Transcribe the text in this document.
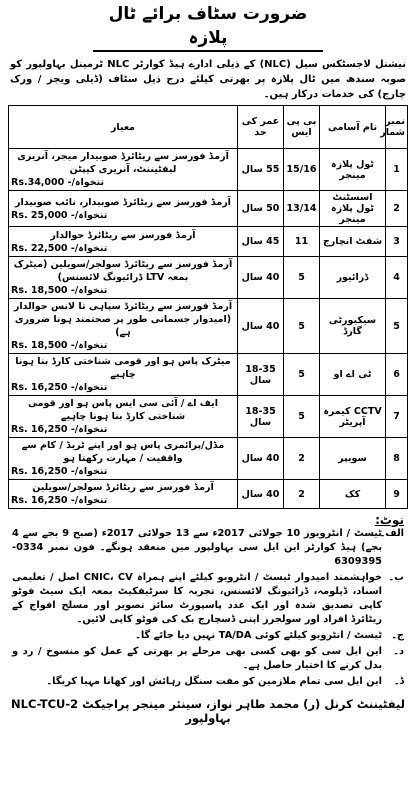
ضرورت سٹاف برائے ٹال پلازہ
نیشنل لاجسٹکس سیل (NLC) کے ذیلی ادارے ہیڈ کوارٹر NLC ٹرمینل بہاولپور کو صوبہ سندھ میں ٹال پلازہ پر بھرتی کیلئے درج ذیل سٹاف (ڈیلی ویجز / ورک چارج) کی خدمات درکار ہیں۔
نمبر شمار	نام آسامی	بی پی ایس	عمر کی حد	معیار
1	ٹول پلازہ مینجر	15/16	55 سال	آرمڈ فورسز سے ریٹائرڈ صوبیدار میجر، آنریری لیفٹیننٹ، آنریری کیپٹن
تنخواہ/- Rs.34,000

2	اسسٹنٹ ٹول پلازہ مینجر	13/14	50 سال	آرمڈ فورسز سے ریٹائرڈ صوبیدار، نائب صوبیدار
تنخواہ/- Rs. 25,000

3	شفٹ انچارج	11	45 سال	آرمڈ فورسز سے ریٹائرڈ حوالدار
تنخواہ/- Rs. 22,500

4	ڈرائیور	5	40 سال	آرمڈ فورسز سے ریٹائرڈ سولجر/سویلین (میٹرک بمعہ LTV ڈرائیونگ لائسنس)
تنخواہ/- Rs. 18,500

5	سیکیورٹی گارڈ	5	40 سال	آرمڈ فورسز سے ریٹائرڈ سپاہی تا لانس حوالدار (امیدوار جسمانی طور پر صحتمند ہونا ضروری ہے)
تنخواہ/- Rs. 18,500

6	ٹی اے او	5	18-35 سال	میٹرک پاس ہو اور قومی شناختی کارڈ بنا ہونا چاہیے
تنخواہ/- Rs. 16,250

7	CCTV کیمرہ آپریٹر	5	18-35 سال	ایف اے / آئی سی ایس پاس ہو اور قومی شناختی کارڈ بنا ہونا چاہیے
تنخواہ/- Rs. 16,250

8	سویپر	2	40 سال	مڈل/پرائمری پاس ہو اور اپنے ٹریڈ / کام سے واقفیت / مہارت رکھتا ہو
تنخواہ/- Rs. 16,250

9	کک	2	40 سال	آرمڈ فورسز سے ریٹائرڈ سولجر/سویلین
تنخواہ/- Rs. 16,250
نوٹ:
الف۔
ٹیسٹ / انٹرویوز 10 جولائی 2017ء سے 13 جولائی 2017ء (صبح 9 بجے سے 4 بجے) ہیڈ کوارٹر این ایل سی بہاولپور میں منعقد ہونگے۔ فون نمبر 0334-6309395
ب۔
خواہشمند امیدوار ٹیسٹ / انٹرویو کیلئے اپنے ہمراہ CNIC، CV اصل / تعلیمی اسناد، ڈپلومہ، ڈرائیونگ لائسنس، تجربہ کا سرٹیفکیٹ بمعہ ایک سیٹ فوٹو کاپی تصدیق شدہ اور ایک عدد پاسپورٹ سائز تصویر اور مسلح افواج کے ریٹائرڈ افراد اور سولجرز اپنی ڈسچارج بک کی فوٹو کاپی لائیں۔
ج۔
ٹیسٹ / انٹرویو کیلئے کوئی TA/DA نہیں دیا جائے گا۔
د۔
این ایل سی کو بھی کسی بھی مرحلے پر بھرتی کے عمل کو منسوخ / رد و بدل کرنے کا اختیار حاصل ہے۔
ڈ۔
این ایل سی تمام ملازمین کو مفت سنگل رہائش اور کھانا مہیا کریگا۔
لیفٹیننٹ کرنل (ر) محمد طاہر نواز، سینئر مینجر پراجیکٹ NLC-TCU-2 بہاولپور
